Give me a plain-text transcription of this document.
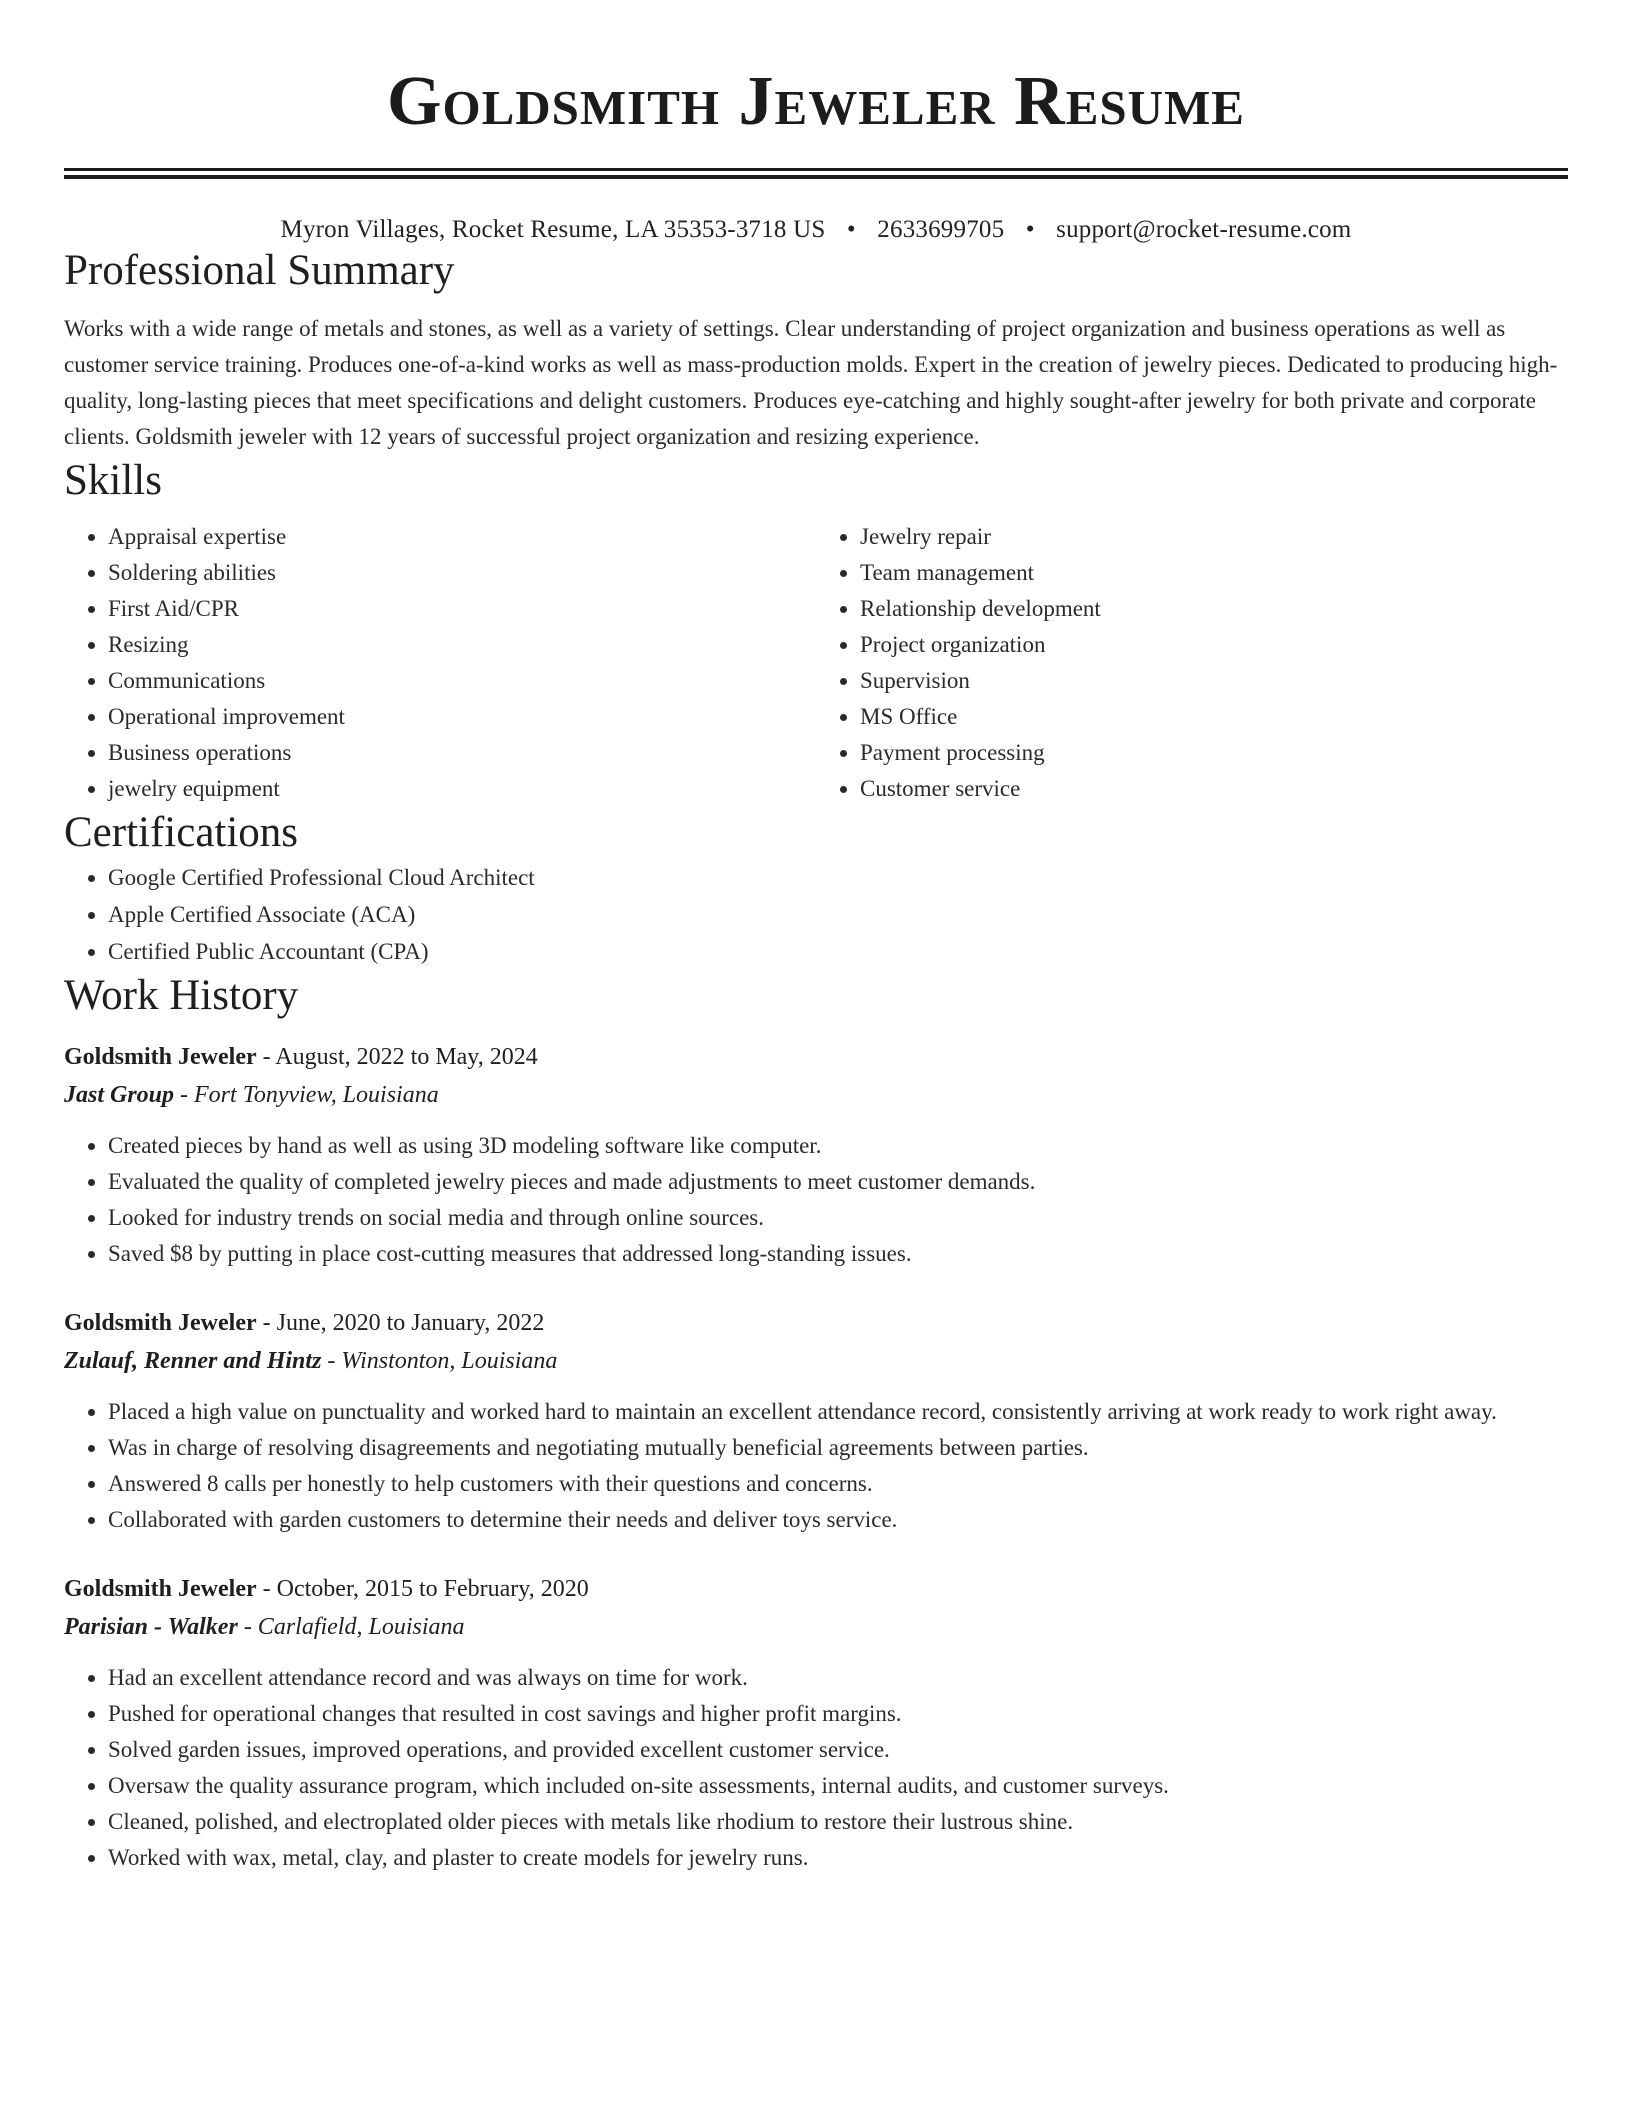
Goldsmith Jeweler Resume
Myron Villages, Rocket Resume, LA 35353-3718 US • 2633699705 • support@rocket-resume.com
Professional Summary

Works with a wide range of metals and stones, as well as a variety of settings. Clear understanding of project organization and business operations as well as customer service training. Produces one-of-a-kind works as well as mass-production molds. Expert in the creation of jewelry pieces. Dedicated to producing high-quality, long-lasting pieces that meet specifications and delight customers. Produces eye-catching and highly sought-after jewelry for both private and corporate clients. Goldsmith jeweler with 12 years of successful project organization and resizing experience.

Skills
• Appraisal expertise
• Soldering abilities
• First Aid/CPR
• Resizing
• Communications
• Operational improvement
• Business operations
• jewelry equipment
• Jewelry repair
• Team management
• Relationship development
• Project organization
• Supervision
• MS Office
• Payment processing
• Customer service
Certifications
• Google Certified Professional Cloud Architect
• Apple Certified Associate (ACA)
• Certified Public Accountant (CPA)
Work History
Goldsmith Jeweler - August, 2022 to May, 2024
Jast Group - Fort Tonyview, Louisiana
• Created pieces by hand as well as using 3D modeling software like computer.
• Evaluated the quality of completed jewelry pieces and made adjustments to meet customer demands.
• Looked for industry trends on social media and through online sources.
• Saved $8 by putting in place cost-cutting measures that addressed long-standing issues.
Goldsmith Jeweler - June, 2020 to January, 2022
Zulauf, Renner and Hintz - Winstonton, Louisiana
• Placed a high value on punctuality and worked hard to maintain an excellent attendance record, consistently arriving at work ready to work right away.
• Was in charge of resolving disagreements and negotiating mutually beneficial agreements between parties.
• Answered 8 calls per honestly to help customers with their questions and concerns.
• Collaborated with garden customers to determine their needs and deliver toys service.
Goldsmith Jeweler - October, 2015 to February, 2020
Parisian - Walker - Carlafield, Louisiana
• Had an excellent attendance record and was always on time for work.
• Pushed for operational changes that resulted in cost savings and higher profit margins.
• Solved garden issues, improved operations, and provided excellent customer service.
• Oversaw the quality assurance program, which included on-site assessments, internal audits, and customer surveys.
• Cleaned, polished, and electroplated older pieces with metals like rhodium to restore their lustrous shine.
• Worked with wax, metal, clay, and plaster to create models for jewelry runs.
